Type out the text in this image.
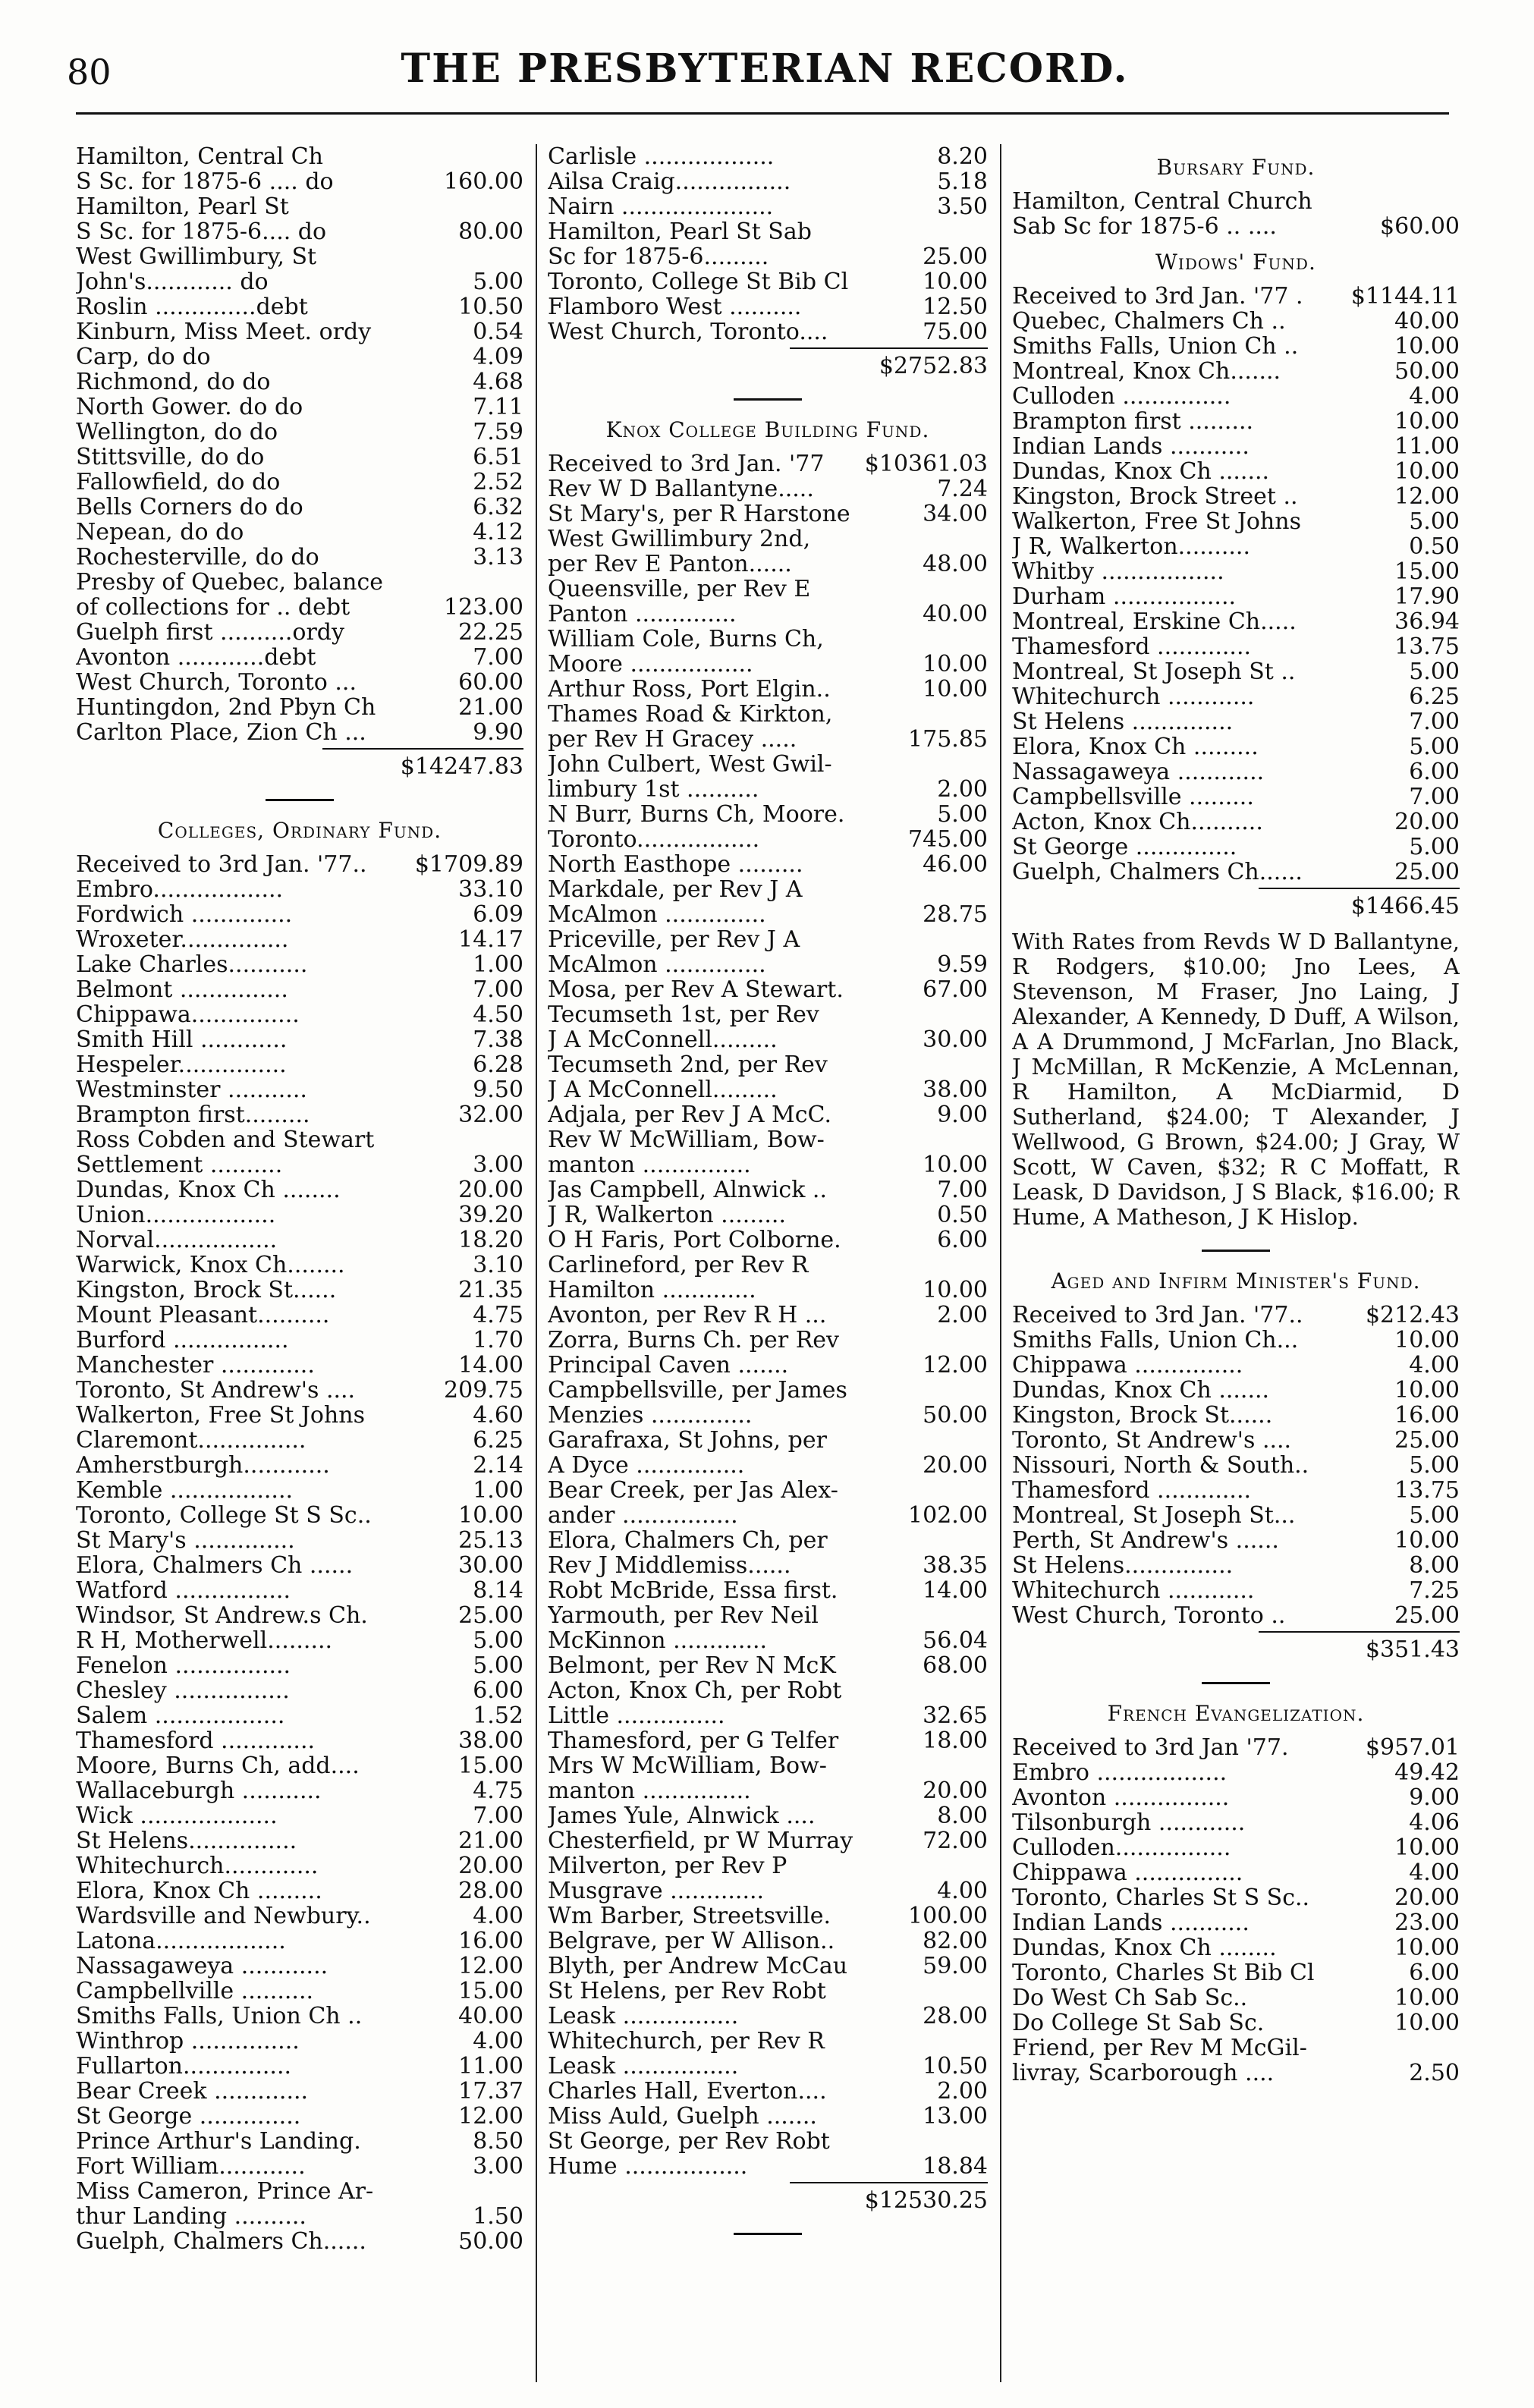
80	THE PRESBYTERIAN RECORD.
Hamilton, Central Ch
S Sc. for 1875-6 .... do	160.00
Hamilton, Pearl St
S Sc. for 1875-6.... do	80.00
West Gwillimbury, St
John's............ do	5.00
Roslin ..............debt	10.50
Kinburn, Miss Meet. ordy	0.54
Carp, do do	4.09
Richmond, do do	4.68
North Gower. do do	7.11
Wellington, do do	7.59
Stittsville, do do	6.51
Fallowfield, do do	2.52
Bells Corners do do	6.32
Nepean, do do	4.12
Rochesterville, do do	3.13
Presby of Quebec, balance
of collections for .. debt	123.00
Guelph first ..........ordy	22.25
Avonton ............debt	7.00
West Church, Toronto ...	60.00
Huntingdon, 2nd Pbyn Ch	21.00
Carlton Place, Zion Ch ...	9.90
$14247.83
Colleges, Ordinary Fund.
Received to 3rd Jan. '77..	$1709.89
Embro..................	33.10
Fordwich ..............	6.09
Wroxeter...............	14.17
Lake Charles...........	1.00
Belmont ...............	7.00
Chippawa...............	4.50
Smith Hill ............	7.38
Hespeler...............	6.28
Westminster ...........	9.50
Brampton first.........	32.00
Ross Cobden and Stewart
Settlement ..........	3.00
Dundas, Knox Ch ........	20.00
Union..................	39.20
Norval.................	18.20
Warwick, Knox Ch........	3.10
Kingston, Brock St......	21.35
Mount Pleasant..........	4.75
Burford ................	1.70
Manchester .............	14.00
Toronto, St Andrew's ....	209.75
Walkerton, Free St Johns	4.60
Claremont...............	6.25
Amherstburgh............	2.14
Kemble .................	1.00
Toronto, College St S Sc..	10.00
St Mary's ..............	25.13
Elora, Chalmers Ch ......	30.00
Watford ................	8.14
Windsor, St Andrew.s Ch.	25.00
R H, Motherwell.........	5.00
Fenelon ................	5.00
Chesley ................	6.00
Salem ..................	1.52
Thamesford .............	38.00
Moore, Burns Ch, add....	15.00
Wallaceburgh ...........	4.75
Wick ...................	7.00
St Helens...............	21.00
Whitechurch.............	20.00
Elora, Knox Ch .........	28.00
Wardsville and Newbury..	4.00
Latona..................	16.00
Nassagaweya ............	12.00
Campbellville ..........	15.00
Smiths Falls, Union Ch ..	40.00
Winthrop ...............	4.00
Fullarton...............	11.00
Bear Creek .............	17.37
St George ..............	12.00
Prince Arthur's Landing.	8.50
Fort William............	3.00
Miss Cameron, Prince Ar-
thur Landing ..........	1.50
Guelph, Chalmers Ch......	50.00
Carlisle ..................	8.20
Ailsa Craig................	5.18
Nairn .....................	3.50
Hamilton, Pearl St Sab
Sc for 1875-6.........	25.00
Toronto, College St Bib Cl	10.00
Flamboro West ..........	12.50
West Church, Toronto....	75.00
$2752.83
Knox College Building Fund.
Received to 3rd Jan. '77	$10361.03
Rev W D Ballantyne.....	7.24
St Mary's, per R Harstone	34.00
West Gwillimbury 2nd,
per Rev E Panton......	48.00
Queensville, per Rev E
Panton ..............	40.00
William Cole, Burns Ch,
Moore .................	10.00
Arthur Ross, Port Elgin..	10.00
Thames Road & Kirkton,
per Rev H Gracey .....	175.85
John Culbert, West Gwil-
limbury 1st ..........	2.00
N Burr, Burns Ch, Moore.	5.00
Toronto.................	745.00
North Easthope .........	46.00
Markdale, per Rev J A
McAlmon ..............	28.75
Priceville, per Rev J A
McAlmon ..............	9.59
Mosa, per Rev A Stewart.	67.00
Tecumseth 1st, per Rev
J A McConnell.........	30.00
Tecumseth 2nd, per Rev
J A McConnell.........	38.00
Adjala, per Rev J A McC.	9.00
Rev W McWilliam, Bow-
manton ...............	10.00
Jas Campbell, Alnwick ..	7.00
J R, Walkerton .........	0.50
O H Faris, Port Colborne.	6.00
Carlineford, per Rev R
Hamilton .............	10.00
Avonton, per Rev R H ...	2.00
Zorra, Burns Ch. per Rev
Principal Caven .......	12.00
Campbellsville, per James
Menzies ..............	50.00
Garafraxa, St Johns, per
A Dyce ...............	20.00
Bear Creek, per Jas Alex-
ander ................	102.00
Elora, Chalmers Ch, per
Rev J Middlemiss......	38.35
Robt McBride, Essa first.	14.00
Yarmouth, per Rev Neil
McKinnon .............	56.04
Belmont, per Rev N McK	68.00
Acton, Knox Ch, per Robt
Little ...............	32.65
Thamesford, per G Telfer	18.00
Mrs W McWilliam, Bow-
manton ...............	20.00
James Yule, Alnwick ....	8.00
Chesterfield, pr W Murray	72.00
Milverton, per Rev P
Musgrave .............	4.00
Wm Barber, Streetsville.	100.00
Belgrave, per W Allison..	82.00
Blyth, per Andrew McCau	59.00
St Helens, per Rev Robt
Leask ................	28.00
Whitechurch, per Rev R
Leask ................	10.50
Charles Hall, Everton....	2.00
Miss Auld, Guelph .......	13.00
St George, per Rev Robt
Hume .................	18.84
$12530.25
Bursary Fund.
Hamilton, Central Church
Sab Sc for 1875-6 .. ....	$60.00
Widows' Fund.
Received to 3rd Jan. '77 .	$1144.11
Quebec, Chalmers Ch ..	40.00
Smiths Falls, Union Ch ..	10.00
Montreal, Knox Ch.......	50.00
Culloden ...............	4.00
Brampton first .........	10.00
Indian Lands ...........	11.00
Dundas, Knox Ch .......	10.00
Kingston, Brock Street ..	12.00
Walkerton, Free St Johns	5.00
J R, Walkerton..........	0.50
Whitby .................	15.00
Durham .................	17.90
Montreal, Erskine Ch.....	36.94
Thamesford .............	13.75
Montreal, St Joseph St ..	5.00
Whitechurch ............	6.25
St Helens ..............	7.00
Elora, Knox Ch .........	5.00
Nassagaweya ............	6.00
Campbellsville .........	7.00
Acton, Knox Ch..........	20.00
St George ..............	5.00
Guelph, Chalmers Ch......	25.00
$1466.45
With Rates from Revds W D Ballantyne, R Rodgers, $10.00; Jno Lees, A Stevenson, M Fraser, Jno Laing, J Alexander, A Kennedy, D Duff, A Wilson, A A Drummond, J McFarlan, Jno Black, J McMillan, R McKenzie, A McLennan, R Hamilton, A McDiarmid, D Sutherland, $24.00; T Alexander, J Wellwood, G Brown, $24.00; J Gray, W Scott, W Caven, $32; R C Moffatt, R Leask, D Davidson, J S Black, $16.00; R Hume, A Matheson, J K Hislop.
Aged and Infirm Minister's Fund.
Received to 3rd Jan. '77..	$212.43
Smiths Falls, Union Ch...	10.00
Chippawa ...............	4.00
Dundas, Knox Ch .......	10.00
Kingston, Brock St......	16.00
Toronto, St Andrew's ....	25.00
Nissouri, North & South..	5.00
Thamesford .............	13.75
Montreal, St Joseph St...	5.00
Perth, St Andrew's ......	10.00
St Helens...............	8.00
Whitechurch ............	7.25
West Church, Toronto ..	25.00
$351.43
French Evangelization.
Received to 3rd Jan '77.	$957.01
Embro ..................	49.42
Avonton ................	9.00
Tilsonburgh ............	4.06
Culloden................	10.00
Chippawa ...............	4.00
Toronto, Charles St S Sc..	20.00
Indian Lands ...........	23.00
Dundas, Knox Ch ........	10.00
Toronto, Charles St Bib Cl	6.00
Do West Ch Sab Sc..	10.00
Do College St Sab Sc.	10.00
Friend, per Rev M McGil-
livray, Scarborough ....	2.50
